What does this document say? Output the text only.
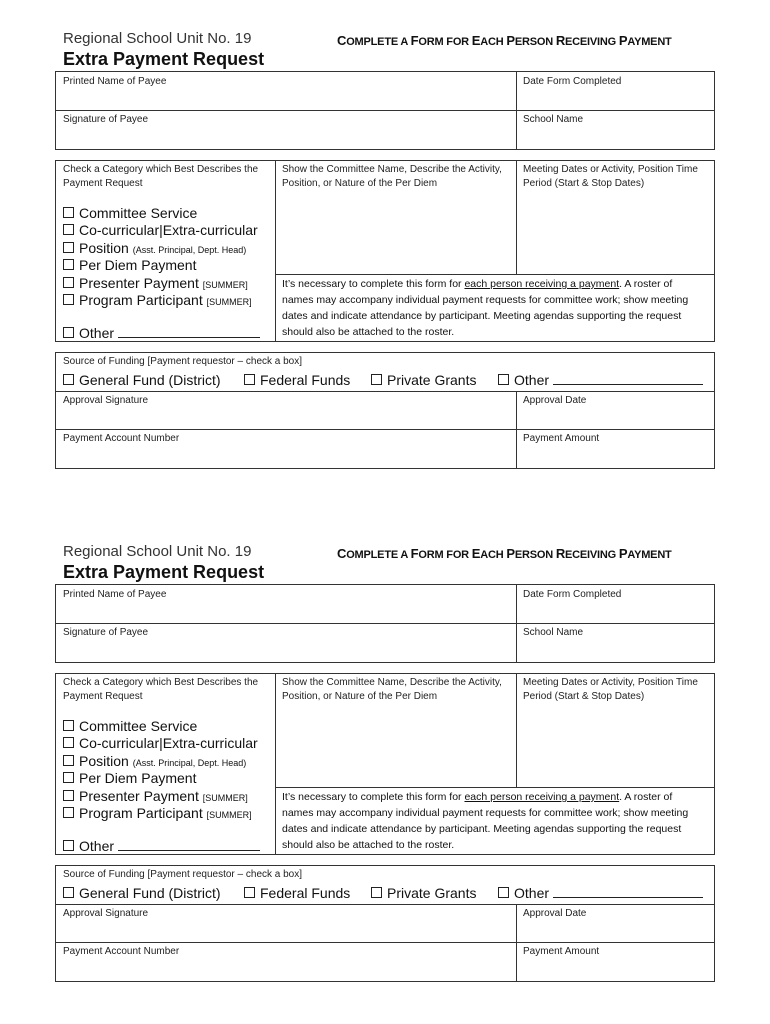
Regional School Unit No. 19
Extra Payment Request
COMPLETE A FORM FOR EACH PERSON RECEIVING PAYMENT
Printed Name of Payee	Date Form Completed
Signature of Payee	School Name
Check a Category which Best Describes the Payment Request
Show the Committee Name, Describe the Activity, Position, or Nature of the Per Diem
Meeting Dates or Activity, Position Time Period (Start & Stop Dates)
Committee Service
Co-curricular|Extra-curricular
Position (Asst. Principal, Dept. Head)
Per Diem Payment
Presenter Payment [SUMMER]
Program Participant [SUMMER]
Other
It’s necessary to complete this form for each person receiving a payment. A roster of names may accompany individual payment requests for committee work; show meeting dates and indicate attendance by participant. Meeting agendas supporting the request should also be attached to the roster.
Source of Funding [Payment requestor – check a box]
General Fund (District)	Federal Funds	Private Grants	Other
Approval Signature	Approval Date
Payment Account Number	Payment Amount
Regional School Unit No. 19
Extra Payment Request
COMPLETE A FORM FOR EACH PERSON RECEIVING PAYMENT
Printed Name of Payee	Date Form Completed
Signature of Payee	School Name
Check a Category which Best Describes the Payment Request
Show the Committee Name, Describe the Activity, Position, or Nature of the Per Diem
Meeting Dates or Activity, Position Time Period (Start & Stop Dates)
Committee Service
Co-curricular|Extra-curricular
Position (Asst. Principal, Dept. Head)
Per Diem Payment
Presenter Payment [SUMMER]
Program Participant [SUMMER]
Other
It’s necessary to complete this form for each person receiving a payment. A roster of names may accompany individual payment requests for committee work; show meeting dates and indicate attendance by participant. Meeting agendas supporting the request should also be attached to the roster.
Source of Funding [Payment requestor – check a box]
General Fund (District)	Federal Funds	Private Grants	Other
Approval Signature	Approval Date
Payment Account Number	Payment Amount
